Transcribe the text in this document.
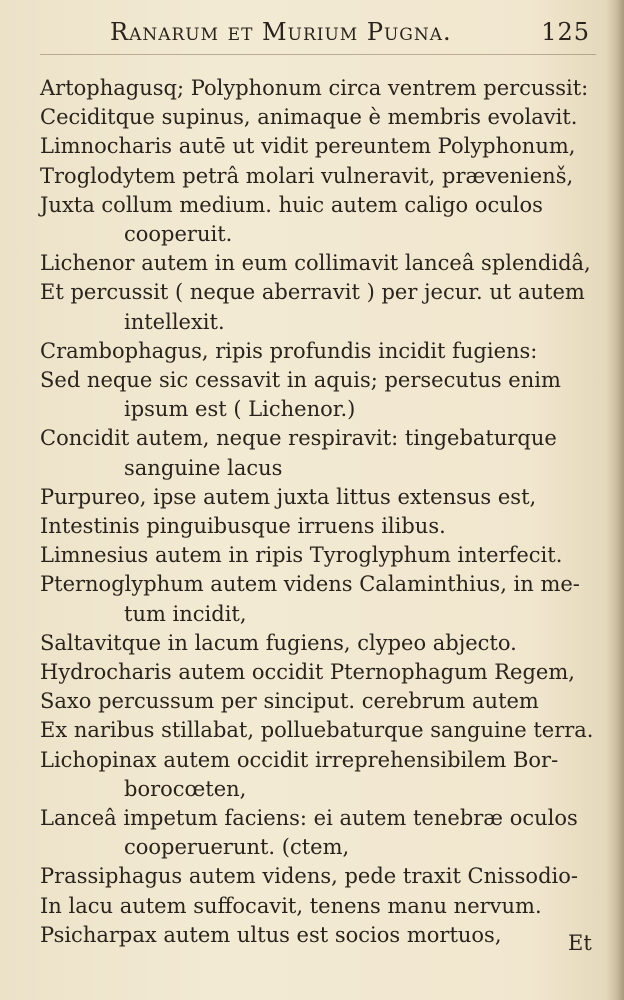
Ranarum et Murium Pugna.	125
Artophagusq; Polyphonum circa ventrem percussit:
Ceciditque supinus, animaque è membris evolavit.
Limnocharis autē ut vidit pereuntem Polyphonum,
Troglodytem petrâ molari vulneravit, prævenienš,
Juxta collum medium. huic autem caligo oculos
cooperuit.
Lichenor autem in eum collimavit lanceâ splendidâ,
Et percussit ( neque aberravit ) per jecur. ut autem
intellexit.
Crambophagus, ripis profundis incidit fugiens:
Sed neque sic cessavit in aquis; persecutus enim
ipsum est ( Lichenor.)
Concidit autem, neque respiravit: tingebaturque
sanguine lacus
Purpureo, ipse autem juxta littus extensus est,
Intestinis pinguibusque irruens ilibus.
Limnesius autem in ripis Tyroglyphum interfecit.
Pternoglyphum autem videns Calaminthius, in me-
tum incidit,
Saltavitque in lacum fugiens, clypeo abjecto.
Hydrocharis autem occidit Pternophagum Regem,
Saxo percussum per sinciput. cerebrum autem
Ex naribus stillabat, polluebaturque sanguine terra.
Lichopinax autem occidit irreprehensibilem Bor-
borocœten,
Lanceâ impetum faciens: ei autem tenebræ oculos
cooperuerunt. (ctem,
Prassiphagus autem videns, pede traxit Cnissodio-
In lacu autem suffocavit, tenens manu nervum.
Psicharpax autem ultus est socios mortuos,	Et
